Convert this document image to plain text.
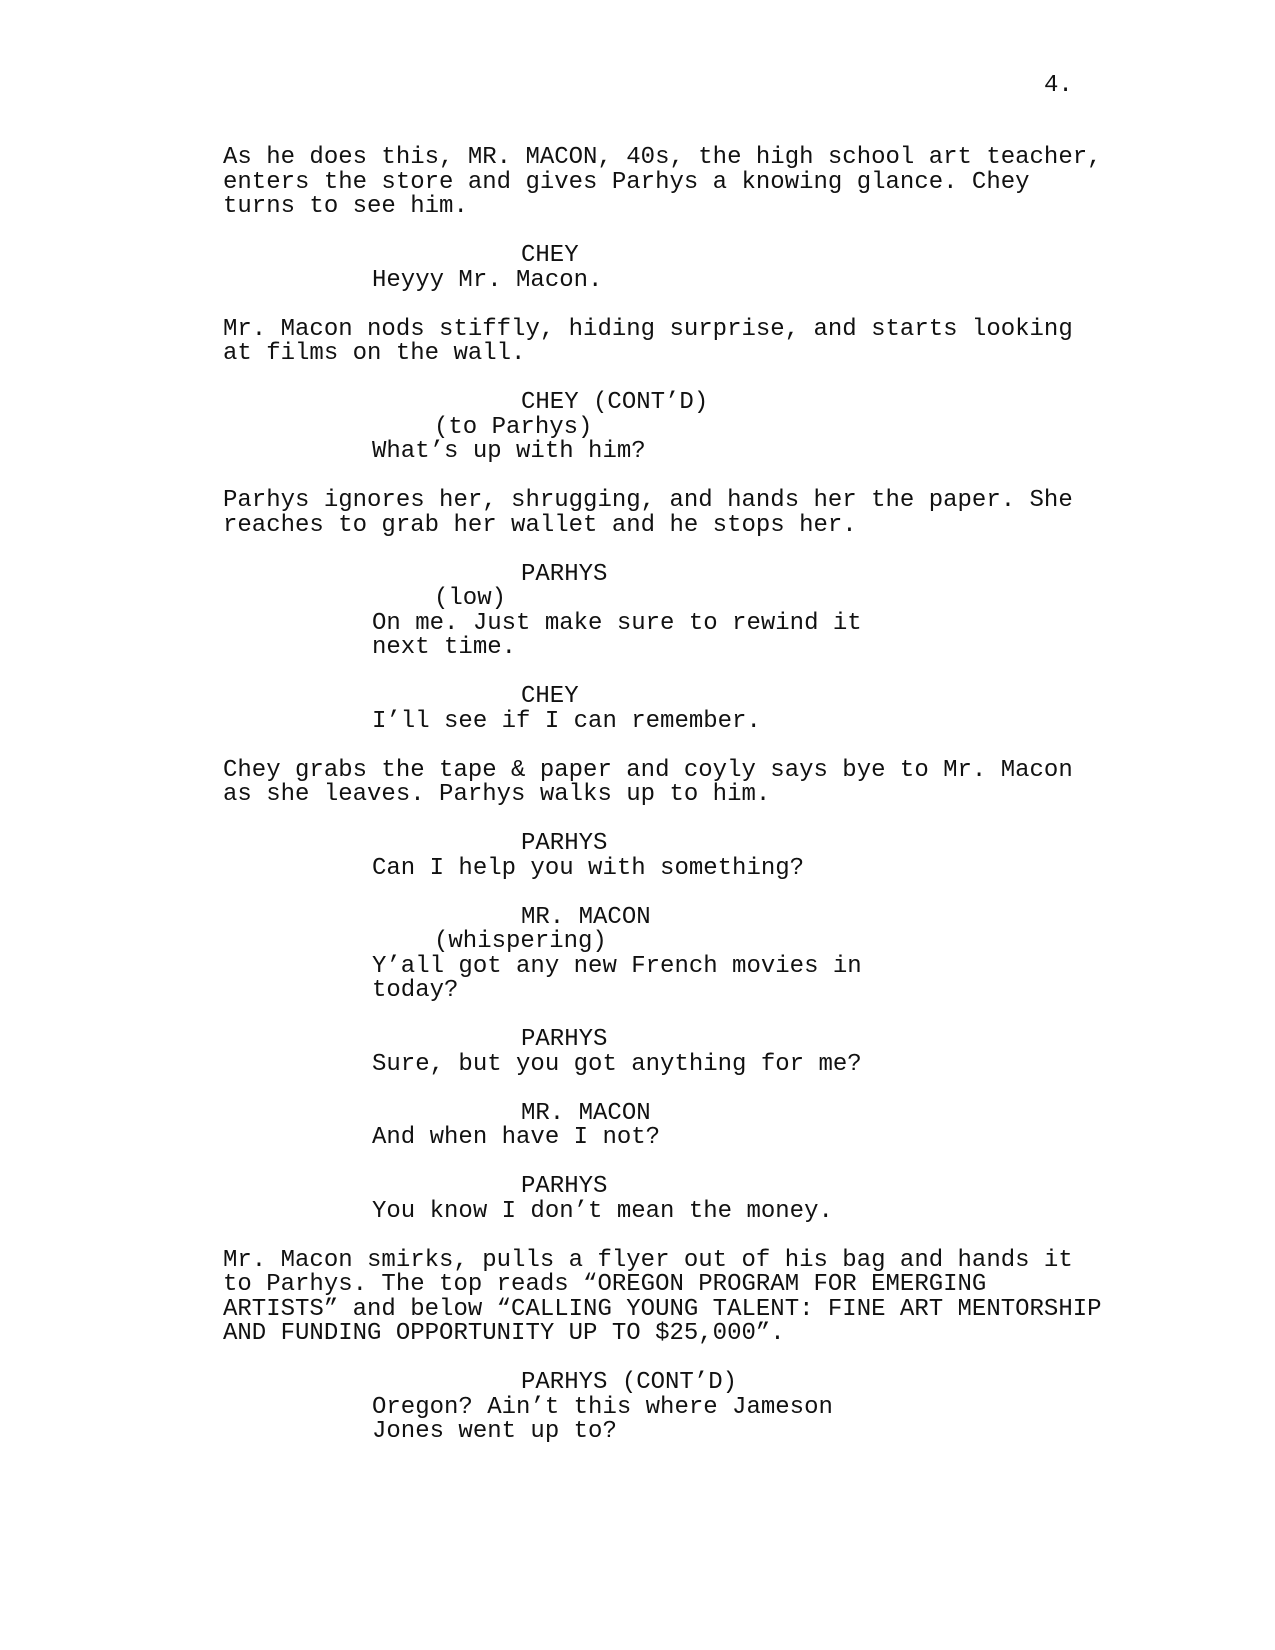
4.
As he does this, MR. MACON, 40s, the high school art teacher,
enters the store and gives Parhys a knowing glance. Chey
turns to see him.
CHEY
Heyyy Mr. Macon.
Mr. Macon nods stiffly, hiding surprise, and starts looking
at films on the wall.
CHEY (CONT’D)
(to Parhys)
What’s up with him?
Parhys ignores her, shrugging, and hands her the paper. She
reaches to grab her wallet and he stops her.
PARHYS
(low)
On me. Just make sure to rewind it
next time.
CHEY
I’ll see if I can remember.
Chey grabs the tape & paper and coyly says bye to Mr. Macon
as she leaves. Parhys walks up to him.
PARHYS
Can I help you with something?
MR. MACON
(whispering)
Y’all got any new French movies in
today?
PARHYS
Sure, but you got anything for me?
MR. MACON
And when have I not?
PARHYS
You know I don’t mean the money.
Mr. Macon smirks, pulls a flyer out of his bag and hands it
to Parhys. The top reads “OREGON PROGRAM FOR EMERGING
ARTISTS” and below “CALLING YOUNG TALENT: FINE ART MENTORSHIP
AND FUNDING OPPORTUNITY UP TO $25,000”.
PARHYS (CONT’D)
Oregon? Ain’t this where Jameson
Jones went up to?
